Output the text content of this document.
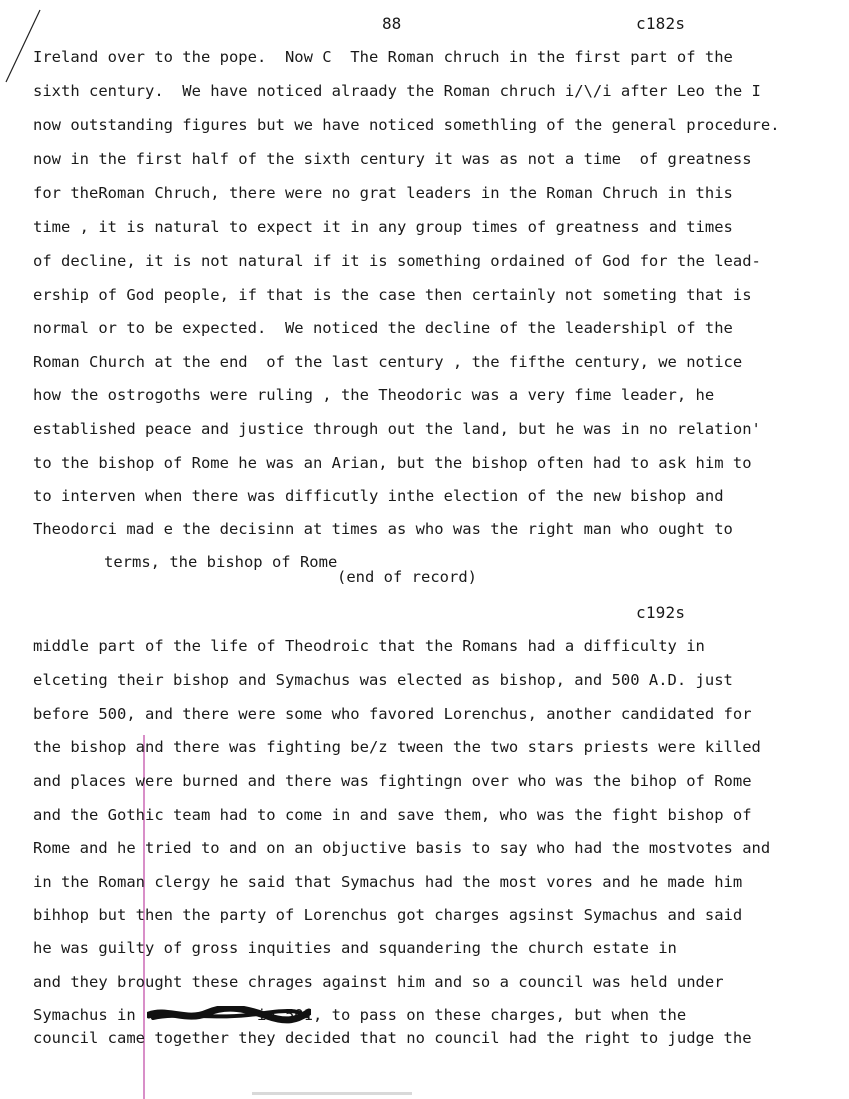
88	c182s
Ireland over to the pope.  Now C  The Roman chruch in the first part of the
sixth century.  We have noticed alraady the Roman chruch i/\/i after Leo the I
now outstanding figures but we have noticed somethling of the general procedure.
now in the first half of the sixth century it was as not a time  of greatness
for theRoman Chruch, there were no grat leaders in the Roman Chruch in this
time , it is natural to expect it in any group times of greatness and times
of decline, it is not natural if it is something ordained of God for the lead-
ership of God people, if that is the case then certainly not someting that is
normal or to be expected.  We noticed the decline of the leadershipl of the
Roman Church at the end  of the last century , the fifthe century, we notice
how the ostrogoths were ruling , the Theodoric was a very fime leader, he
established peace and justice through out the land, but he was in no relation'
to the bishop of Rome he was an Arian, but the bishop often had to ask him to
to interven when there was difficutly inthe election of the new bishop and
Theodorci mad e the decisinn at times as who was the right man who ought to
terms, the bishop of Rome
(end of record)
c192s
middle part of the life of Theodroic that the Romans had a difficulty in
elceting their bishop and Symachus was elected as bishop, and 500 A.D. just
before 500, and there were some who favored Lorenchus, another candidated for
the bishop and there was fighting be/z tween the two stars priests were killed
and places were burned and there was fightingn over who was the bihop of Rome
and the Gothic team had to come in and save them, who was the fight bishop of
Rome and he tried to and on an objuctive basis to say who had the mostvotes and
in the Roman clergy he said that Symachus had the most vores and he made him
bihhop but then the party of Lorenchus got charges agsinst Symachus and said
he was guilty of gross inquities and squandering the church estate in
and they brought these chrages against him and so a council was held under
Symachus in             in 501, to pass on these charges, but when the
council came together they decided that no council had the right to judge the
